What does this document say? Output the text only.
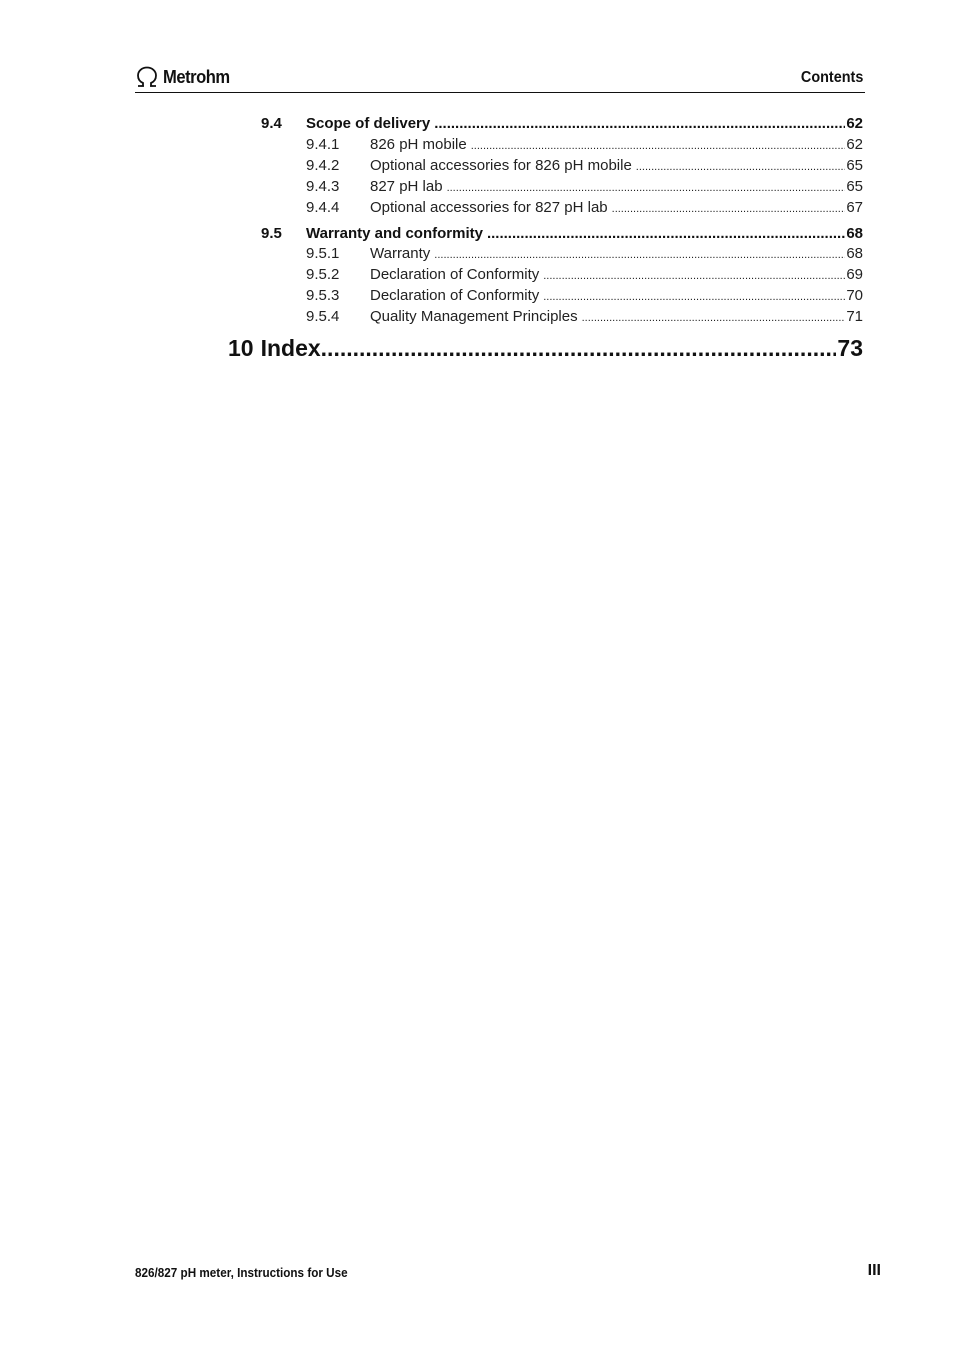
Metrohm	Contents
9.4	Scope of delivery .....	62
9.4.1	826 pH mobile .....	62
9.4.2	Optional accessories for 826 pH mobile .....	65
9.4.3	827 pH lab .....	65
9.4.4	Optional accessories for 827 pH lab .....	67
9.5	Warranty and conformity .....	68
9.5.1	Warranty .....	68
9.5.2	Declaration of Conformity .....	69
9.5.3	Declaration of Conformity .....	70
9.5.4	Quality Management Principles .....	71
10 Index .....	73
826/827 pH meter, Instructions for Use	III
